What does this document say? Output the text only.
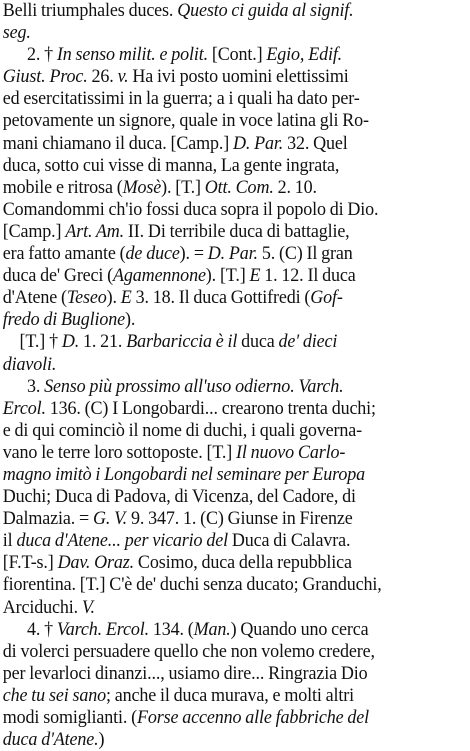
Belli triumphales duces. Questo ci guida al signif.
seg.
2. † In senso milit. e polit. [Cont.] Egio, Edif.
Giust. Proc. 26. v. Ha ivi posto uomini elettissimi
ed esercitatissimi in la guerra; a i quali ha dato per-
petovamente un signore, quale in voce latina gli Ro-
mani chiamano il duca. [Camp.] D. Par. 32. Quel
duca, sotto cui visse di manna, La gente ingrata,
mobile e ritrosa (Mosè). [T.] Ott. Com. 2. 10.
Comandommi ch'io fossi duca sopra il popolo di Dio.
[Camp.] Art. Am. II. Di terribile duca di battaglie,
era fatto amante (de duce). = D. Par. 5. (C) Il gran
duca de' Greci (Agamennone). [T.] E 1. 12. Il duca
d'Atene (Teseo). E 3. 18. Il duca Gottifredi (Gof-
fredo di Buglione).
[T.] † D. 1. 21. Barbariccia è il duca de' dieci
diavoli.
3. Senso più prossimo all'uso odierno. Varch.
Ercol. 136. (C) I Longobardi... crearono trenta duchi;
e di qui cominciò il nome di duchi, i quali governa-
vano le terre loro sottoposte. [T.] Il nuovo Carlo-
magno imitò i Longobardi nel seminare per Europa
Duchi; Duca di Padova, di Vicenza, del Cadore, di
Dalmazia. = G. V. 9. 347. 1. (C) Giunse in Firenze
il duca d'Atene... per vicario del Duca di Calavra.
[F.T-s.] Dav. Oraz. Cosimo, duca della repubblica
fiorentina. [T.] C'è de' duchi senza ducato; Granduchi,
Arciduchi. V.
4. † Varch. Ercol. 134. (Man.) Quando uno cerca
di volerci persuadere quello che non volemo credere,
per levarloci dinanzi..., usiamo dire... Ringrazia Dio
che tu sei sano; anche il duca murava, e molti altri
modi somiglianti. (Forse accenno alle fabbriche del
duca d'Atene.)
